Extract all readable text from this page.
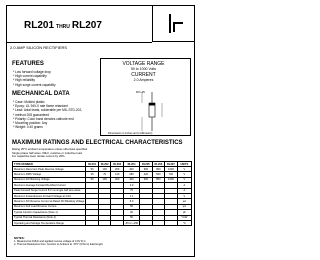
RL201 THRU RL207
2.0 AMP SILICON RECTIFIERS
FEATURES
* Low forward voltage drop
* High current capability
* High reliability
* High surge current capability
MECHANICAL DATA
* Case: Molded plastic
* Epoxy: UL 94V-0 rate flame retardant
* Lead: Axial leads, solderable per MIL-STD-202,
* method 208 guaranteed
* Polarity: Color band denotes cathode end
* Mounting position: Any
* Weight: 0.40 grams
VOLTAGE RANGE
50 to 1000 Volts
CURRENT
2.0 Amperes
DO-15
Dimensions in inches and (millimeters)
MAXIMUM RATINGS AND ELECTRICAL CHARACTERISTICS
Rating 25°C ambient temperature unless otherwise specified.
Single phase half wave, 60Hz, resistive or inductive load.
For capacitive load, derate current by 20%.
TYPE NUMBER	RL201	RL202	RL203	RL204	RL205	RL206	RL207	UNITS
Maximum Recurrent Peak Reverse Voltage	50	100	200	400	600	800	1000	V
Maximum RMS Voltage	35	70	140	280	420	560	700	V
Maximum DC Blocking Voltage	50	100	200	400	600	800	1000	V
Maximum Average Forward Rectified Current				2.0				A
Peak Forward Surge Current 8.3 ms single half sine-wave				70				A
Maximum Instantaneous Forward Voltage at 2.0A				1.1				V
Maximum DC Reverse Current at Rated DC Blocking Voltage				5.0				µA
Maximum Full Load Reverse Current				50				µA
Typical Junction Capacitance (Note 1)				20				pF
Typical Thermal Resistance (Note 2)				50				°C/W
Operating and Storage Temperature Range				-65 to +150				°C
NOTES:
1. Measured at 1MHz and applied reverse voltage of 4.0V D.C.
2. Thermal Resistance from Junction to Ambient at .375" (9.5mm) lead length.
